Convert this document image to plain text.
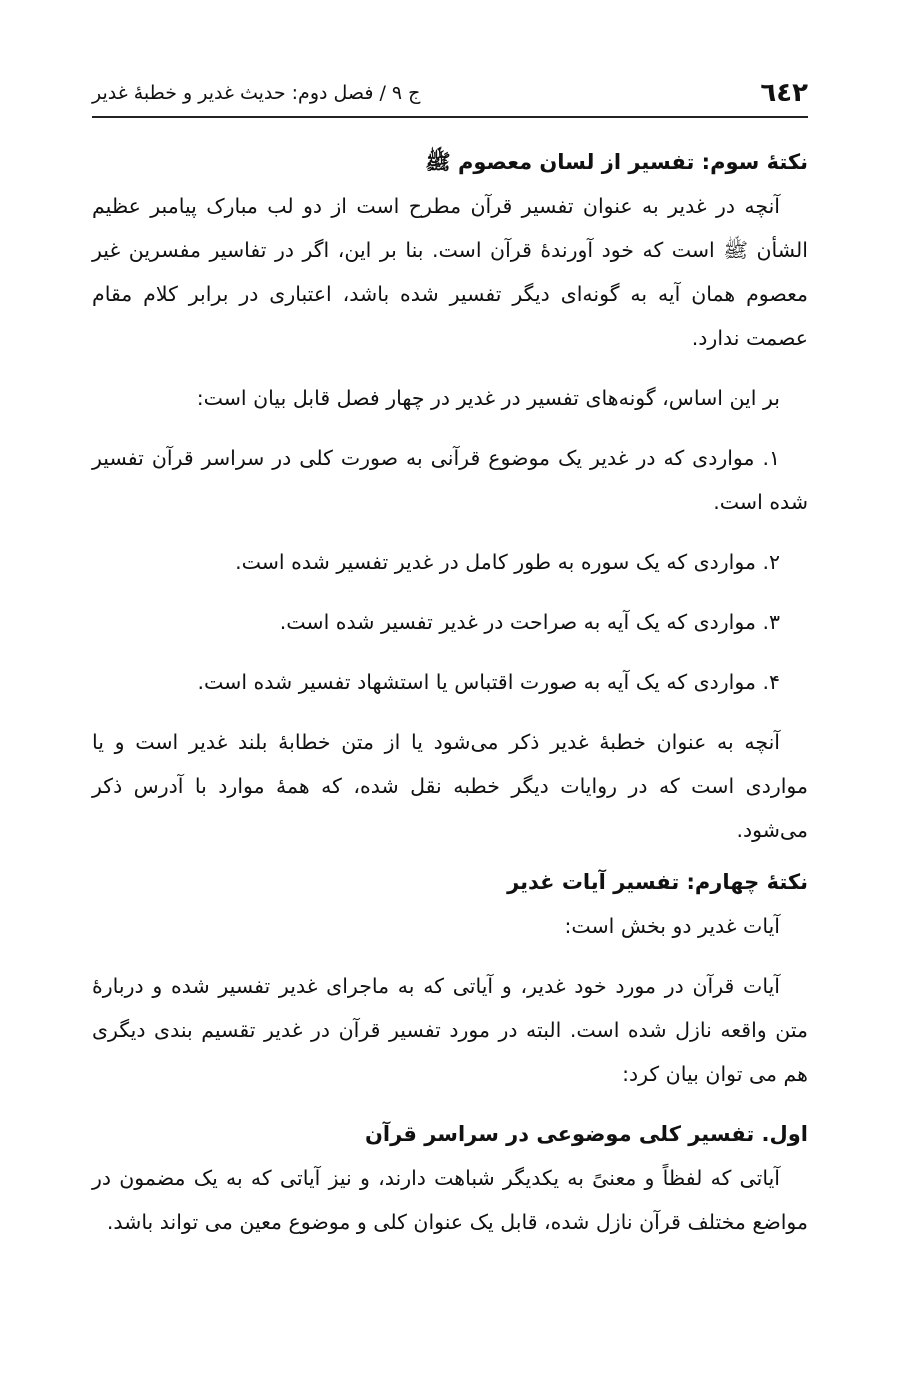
٦٤٢
ج ٩ / فصل دوم: حديث غدير و خطبهٔ غدير

نکتهٔ سوم: تفسیر از لسان معصوم ﷺ

آنچه در غدیر به عنوان تفسیر قرآن مطرح است از دو لب مبارک پیامبر عظیم الشأن ﷺ است که خود آورندهٔ قرآن است. بنا بر این، اگر در تفاسیر مفسرین غیر معصوم همان آیه به گونه‌ای دیگر تفسیر شده باشد، اعتباری در برابر کلام مقام عصمت ندارد.

بر این اساس، گونه‌های تفسیر در غدیر در چهار فصل قابل بیان است:

١. مواردی که در غدیر یک موضوع قرآنی به صورت کلی در سراسر قرآن تفسیر شده است.

٢. مواردی که یک سوره به طور کامل در غدیر تفسیر شده است.

٣. مواردی که یک آیه به صراحت در غدیر تفسیر شده است.

۴. مواردی که یک آیه به صورت اقتباس یا استشهاد تفسیر شده است.

آنچه به عنوان خطبهٔ غدیر ذکر می‌شود یا از متن خطابهٔ بلند غدیر است و یا مواردی است که در روایات دیگر خطبه نقل شده، که همهٔ موارد با آدرس ذکر می‌شود.

نکتهٔ چهارم: تفسیر آیات غدیر

آیات غدیر دو بخش است:

آیات قرآن در مورد خود غدیر، و آیاتی که به ماجرای غدیر تفسیر شده و دربارهٔ متن واقعه نازل شده است. البته در مورد تفسیر قرآن در غدیر تقسیم بندی دیگری هم می توان بیان کرد:

اول. تفسیر کلی موضوعی در سراسر قرآن

آیاتی که لفظاً و معنیً به یکدیگر شباهت دارند، و نیز آیاتی که به یک مضمون در مواضع مختلف قرآن نازل شده، قابل یک عنوان کلی و موضوع معین می تواند باشد.
